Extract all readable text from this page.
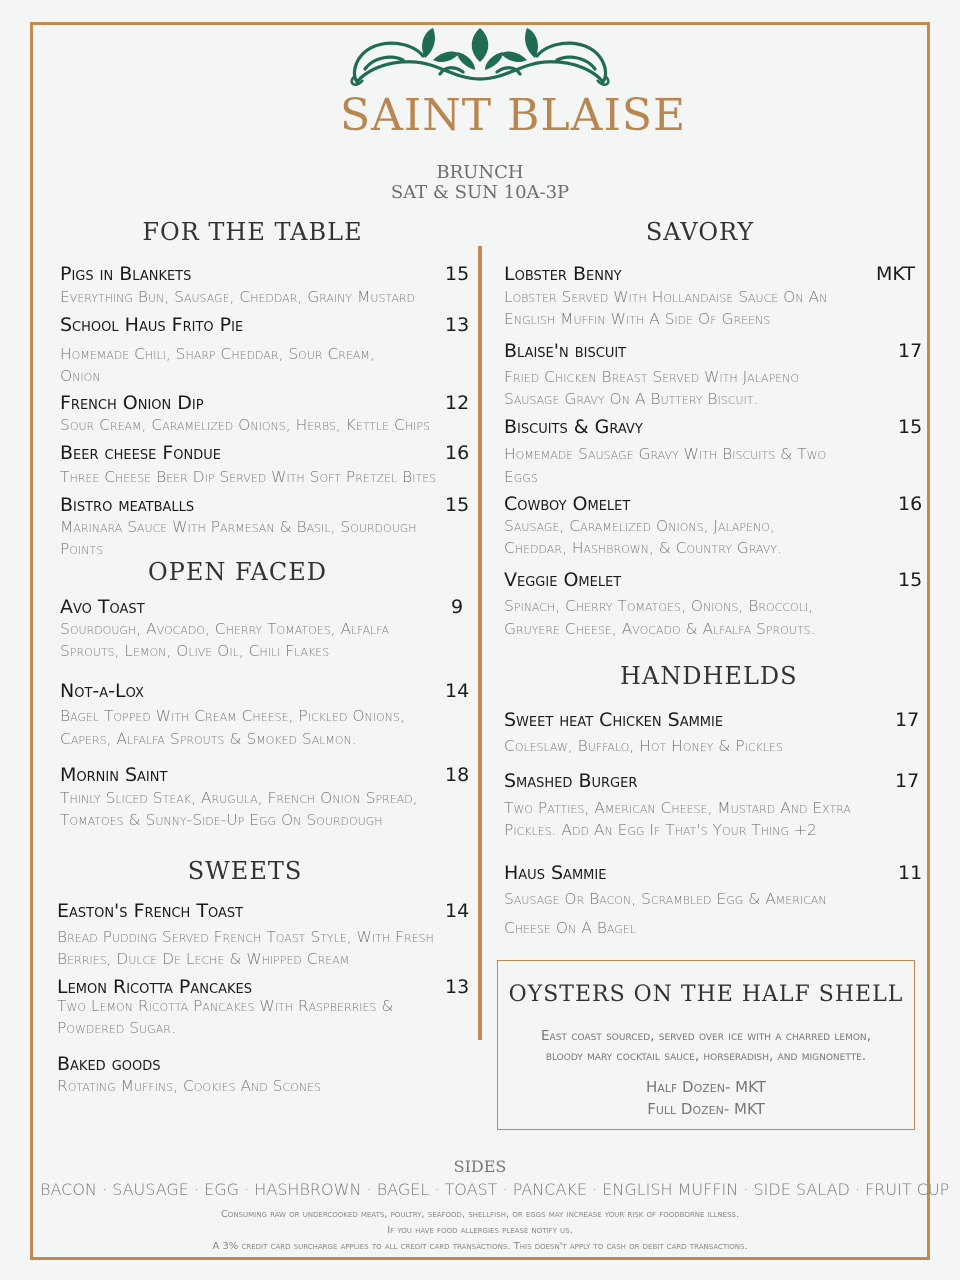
SAINT BLAISE
BRUNCH
SAT & SUN 10A-3P
FOR THE TABLE
Pigs in Blankets	15
Everything Bun, Sausage, Cheddar, Grainy Mustard
School Haus Frito Pie	13
Homemade Chili, Sharp Cheddar, Sour Cream,
Onion
French Onion Dip	12
Sour Cream, Caramelized Onions, Herbs, Kettle Chips
Beer cheese Fondue	16
Three Cheese Beer Dip Served With Soft Pretzel Bites
Bistro meatballs	15
Marinara Sauce With Parmesan & Basil, Sourdough
Points
OPEN FACED
Avo Toast	9
Sourdough, Avocado, Cherry Tomatoes, Alfalfa
Sprouts, Lemon, Olive Oil, Chili Flakes
Not-a-Lox	14
Bagel Topped With Cream Cheese, Pickled Onions,
Capers, Alfalfa Sprouts & Smoked Salmon.
Mornin Saint	18
Thinly Sliced Steak, Arugula, French Onion Spread,
Tomatoes & Sunny-Side-Up Egg On Sourdough
SWEETS
Easton's French Toast	14
Bread Pudding Served French Toast Style, With Fresh
Berries, Dulce De Leche & Whipped Cream
Lemon Ricotta Pancakes	13
Two Lemon Ricotta Pancakes With Raspberries &
Powdered Sugar.
Baked goods
Rotating Muffins, Cookies And Scones
SAVORY
Lobster Benny	MKT
Lobster Served With Hollandaise Sauce On An
English Muffin With A Side Of Greens
Blaise'n biscuit	17
Fried Chicken Breast Served With Jalapeno
Sausage Gravy On A Buttery Biscuit.
Biscuits & Gravy	15
Homemade Sausage Gravy With Biscuits & Two
Eggs
Cowboy Omelet	16
Sausage, Caramelized Onions, Jalapeno,
Cheddar, Hashbrown, & Country Gravy.
Veggie Omelet	15
Spinach, Cherry Tomatoes, Onions, Broccoli,
Gruyere Cheese, Avocado & Alfalfa Sprouts.
HANDHELDS
Sweet heat Chicken Sammie	17
Coleslaw, Buffalo, Hot Honey & Pickles
Smashed Burger	17
Two Patties, American Cheese, Mustard And Extra
Pickles. Add An Egg If That's Your Thing +2
Haus Sammie	11
Sausage Or Bacon, Scrambled Egg & American
Cheese On A Bagel
OYSTERS ON THE HALF SHELL
East coast sourced, served over ice with a charred lemon,
bloody mary cocktail sauce, horseradish, and mignonette.
Half Dozen- MKT
Full Dozen- MKT
SIDES
BACON · SAUSAGE · EGG · HASHBROWN · BAGEL · TOAST · PANCAKE · ENGLISH MUFFIN · SIDE SALAD · FRUIT CUP
Consuming raw or undercooked meats, poultry, seafood, shellfish, or eggs may increase your risk of foodborne illness.
If you have food allergies please notify us.
A 3% credit card surcharge applies to all credit card transactions. This doesn't apply to cash or debit card transactions.
